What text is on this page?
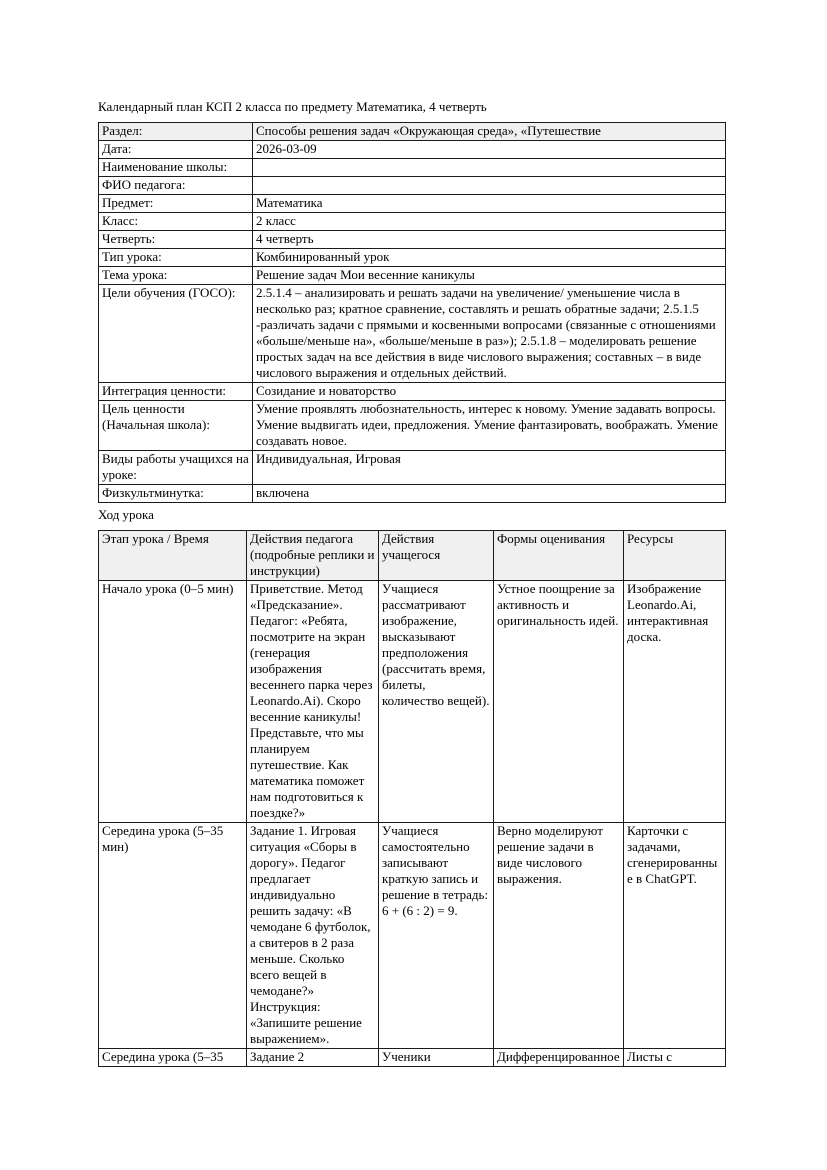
Календарный план КСП 2 класса по предмету Математика, 4 четверть

Раздел:	Способы решения задач «Окружающая среда», «Путешествие
Дата:	2026-03-09
Наименование школы:	
ФИО педагога:	
Предмет:	Математика
Класс:	2 класс
Четверть:	4 четверть
Тип урока:	Комбинированный урок
Тема урока:	Решение задач Мои весенние каникулы
Цели обучения (ГОСО):	2.5.1.4 – анализировать и решать задачи на увеличение/ уменьшение числа в несколько раз; кратное сравнение, составлять и решать обратные задачи; 2.5.1.5 -различать задачи с прямыми и косвенными вопросами (связанные с отношениями «больше/меньше на», «больше/меньше в раз»); 2.5.1.8 – моделировать решение простых задач на все действия в виде числового выражения; составных – в виде числового выражения и отдельных действий.
Интеграция ценности:	Созидание и новаторство
Цель ценности (Начальная школа):	Умение проявлять любознательность, интерес к новому. Умение задавать вопросы. Умение выдвигать идеи, предложения. Умение фантазировать, воображать. Умение создавать новое.
Виды работы учащихся на уроке:	Индивидуальная, Игровая
Физкультминутка:	включена

Ход урока

Этап урока / Время	Действия педагога (подробные реплики и инструкции)	Действия учащегося	Формы оценивания	Ресурсы
Начало урока (0–5 мин)	Приветствие. Метод «Предсказание». Педагог: «Ребята, посмотрите на экран (генерация изображения весеннего парка через Leonardo.Ai). Скоро весенние каникулы! Представьте, что мы планируем путешествие. Как математика поможет нам подготовиться к поездке?»	Учащиеся рассматривают изображение, высказывают предположения (рассчитать время, билеты, количество вещей).	Устное поощрение за активность и оригинальность идей.	Изображение Leonardo.Ai, интерактивная доска.
Середина урока (5–35 мин)	Задание 1. Игровая ситуация «Сборы в дорогу». Педагог предлагает индивидуально решить задачу: «В чемодане 6 футболок, а свитеров в 2 раза меньше. Сколько всего вещей в чемодане?» Инструкция: «Запишите решение выражением».	Учащиеся самостоятельно записывают краткую запись и решение в тетрадь: 6 + (6 : 2) = 9.	Верно моделируют решение задачи в виде числового выражения.	Карточки с задачами, сгенерированные в ChatGPT.
Середина урока (5–35	Задание 2	Ученики	Дифференцированное	Листы с
